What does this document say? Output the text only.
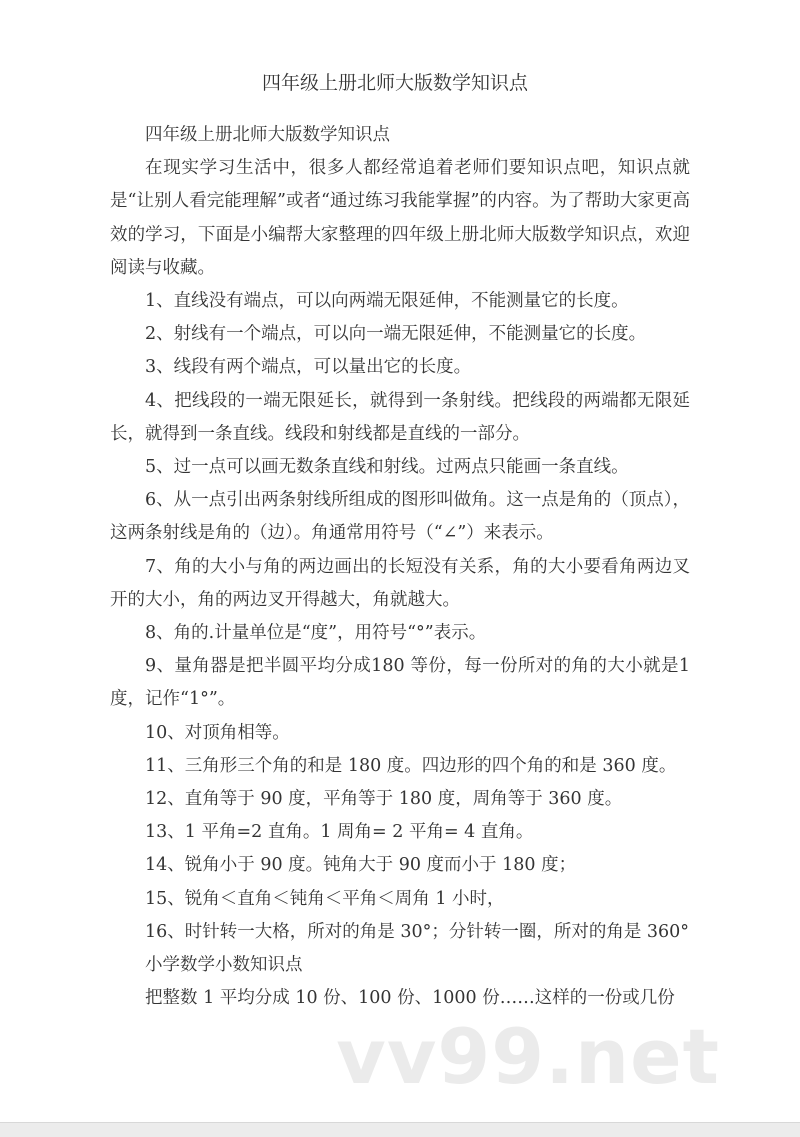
四年级上册北师大版数学知识点

四年级上册北师大版数学知识点

在现实学习生活中，很多人都经常追着老师们要知识点吧，知识点就是“让别人看完能理解”或者“通过练习我能掌握”的内容。为了帮助大家更高效的学习，下面是小编帮大家整理的四年级上册北师大版数学知识点，欢迎阅读与收藏。

1、直线没有端点，可以向两端无限延伸，不能测量它的长度。

2、射线有一个端点，可以向一端无限延伸，不能测量它的长度。

3、线段有两个端点，可以量出它的长度。

4、把线段的一端无限延长，就得到一条射线。把线段的两端都无限延长，就得到一条直线。线段和射线都是直线的一部分。

5、过一点可以画无数条直线和射线。过两点只能画一条直线。

6、从一点引出两条射线所组成的图形叫做角。这一点是角的（顶点），这两条射线是角的（边）。角通常用符号（“∠”）来表示。

7、角的大小与角的两边画出的长短没有关系，角的大小要看角两边叉开的大小，角的两边叉开得越大，角就越大。

8、角的.计量单位是“度”，用符号“°”表示。

9、量角器是把半圆平均分成180 等份，每一份所对的角的大小就是1度，记作“1°”。

10、对顶角相等。

11、三角形三个角的和是 180 度。四边形的四个角的和是 360 度。

12、直角等于 90 度，平角等于 180 度，周角等于 360 度。

13、1 平角=2 直角。1 周角= 2 平角= 4 直角。

14、锐角小于 90 度。钝角大于 90 度而小于 180 度；

15、锐角＜直角＜钝角＜平角＜周角 1 小时，

16、时针转一大格，所对的角是 30°；分针转一圈，所对的角是 360°

小学数学小数知识点

把整数 1 平均分成 10 份、100 份、1000 份……这样的一份或几份

vv99.net
